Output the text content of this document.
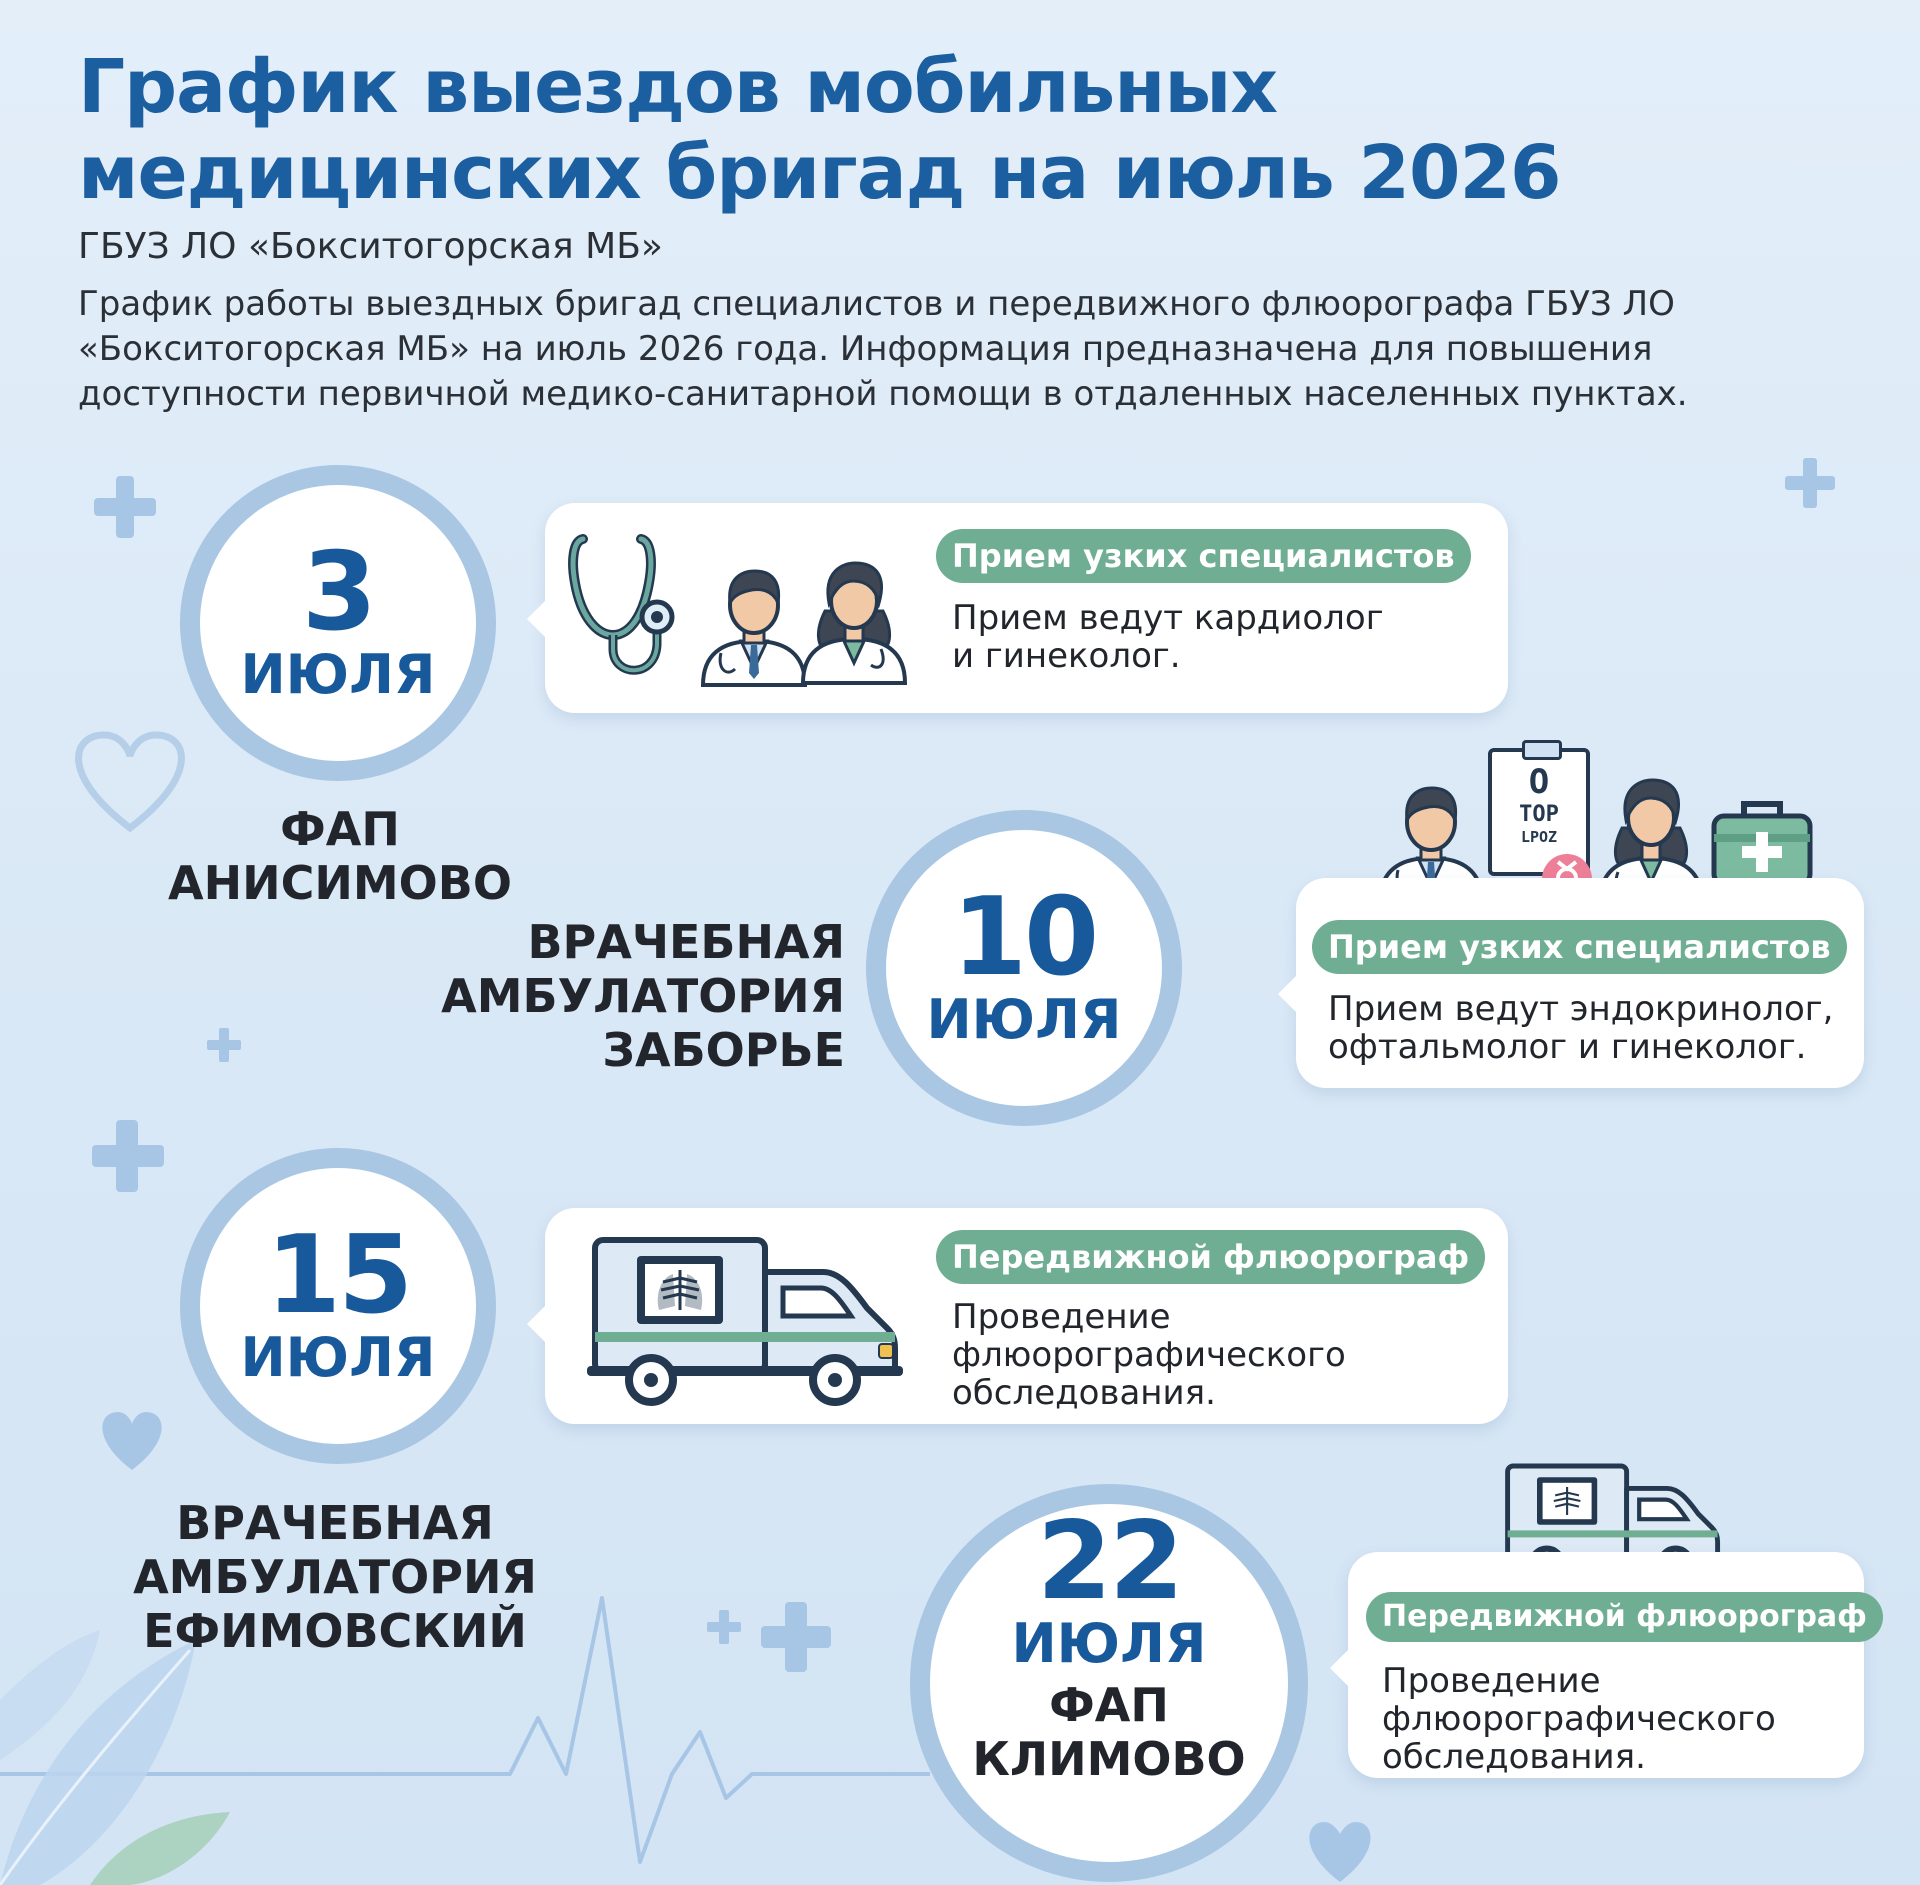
График выездов мобильных медицинских бригад на июль 2026
ГБУЗ ЛО «Бокситогорская МБ»
График работы выездных бригад специалистов и передвижного флюорографа ГБУЗ ЛО «Бокситогорская МБ» на июль 2026 года. Информация предназначена для повышения доступности первичной медико-санитарной помощи в отдаленных населенных пунктах.
3
ИЮЛЯ
ФАП
АНИСИМОВО
Прием узких специалистов
Прием ведут кардиолог
и гинеколог.
ВРАЧЕБНАЯ
АМБУЛАТОРИЯ
ЗАБОРЬЕ
10
ИЮЛЯ
O
TOP
LPOZ
Прием узких специалистов
Прием ведут эндокринолог,
офтальмолог и гинеколог.
15
ИЮЛЯ
ВРАЧЕБНАЯ
АМБУЛАТОРИЯ
ЕФИМОВСКИЙ
Передвижной флюорограф
Проведение
флюорографического
обследования.
22
ИЮЛЯ
ФАП
КЛИМОВО
Передвижной флюорограф
Проведение
флюорографического
обследования.
